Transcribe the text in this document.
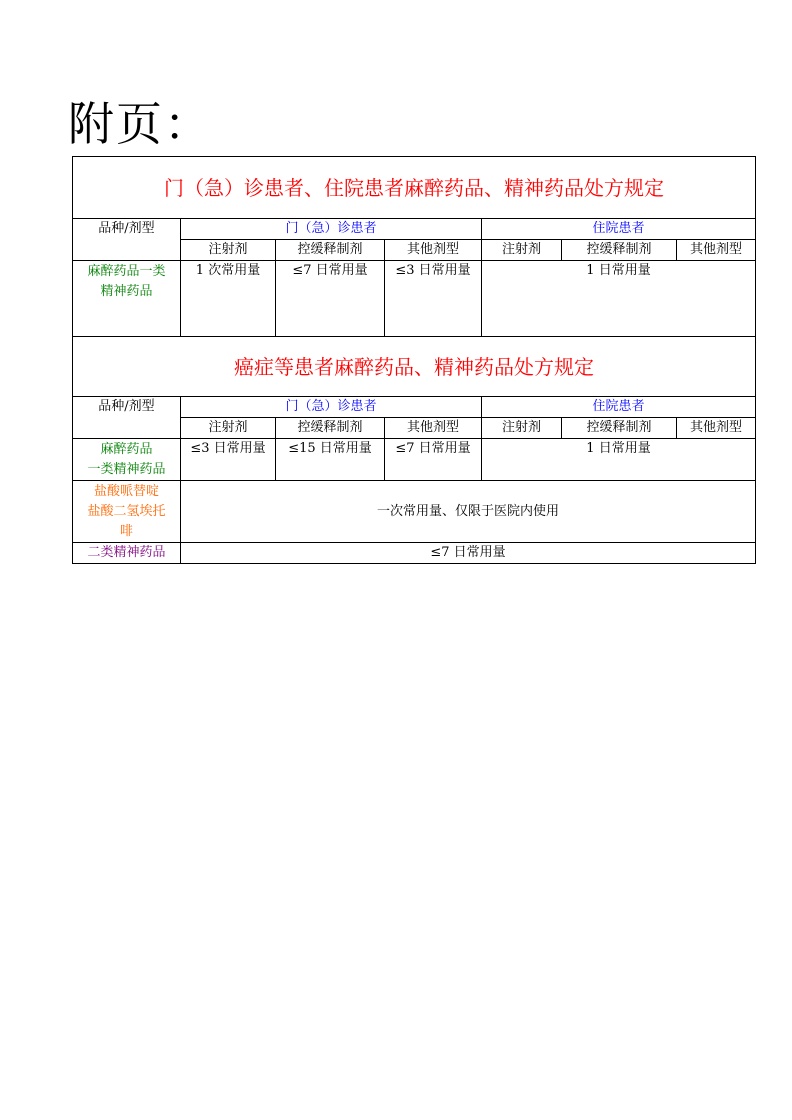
附页：
门（急）诊患者、住院患者麻醉药品、精神药品处方规定						
品种/剂型	门（急）诊患者			住院患者		
	注射剂	控缓释制剂	其他剂型	注射剂	控缓释制剂	其他剂型

麻醉药品一类
精神药品	1 次常用量	≤7 日常用量	≤3 日常用量	1 日常用量		
癌症等患者麻醉药品、精神药品处方规定						
品种/剂型	门（急）诊患者			住院患者		
	注射剂	控缓释制剂	其他剂型	注射剂	控缓释制剂	其他剂型

麻醉药品
一类精神药品	≤3 日常用量	≤15 日常用量	≤7 日常用量	1 日常用量		

盐酸哌替啶
盐酸二氢埃托
啡	一次常用量、仅限于医院内使用					
二类精神药品	≤7 日常用量					
